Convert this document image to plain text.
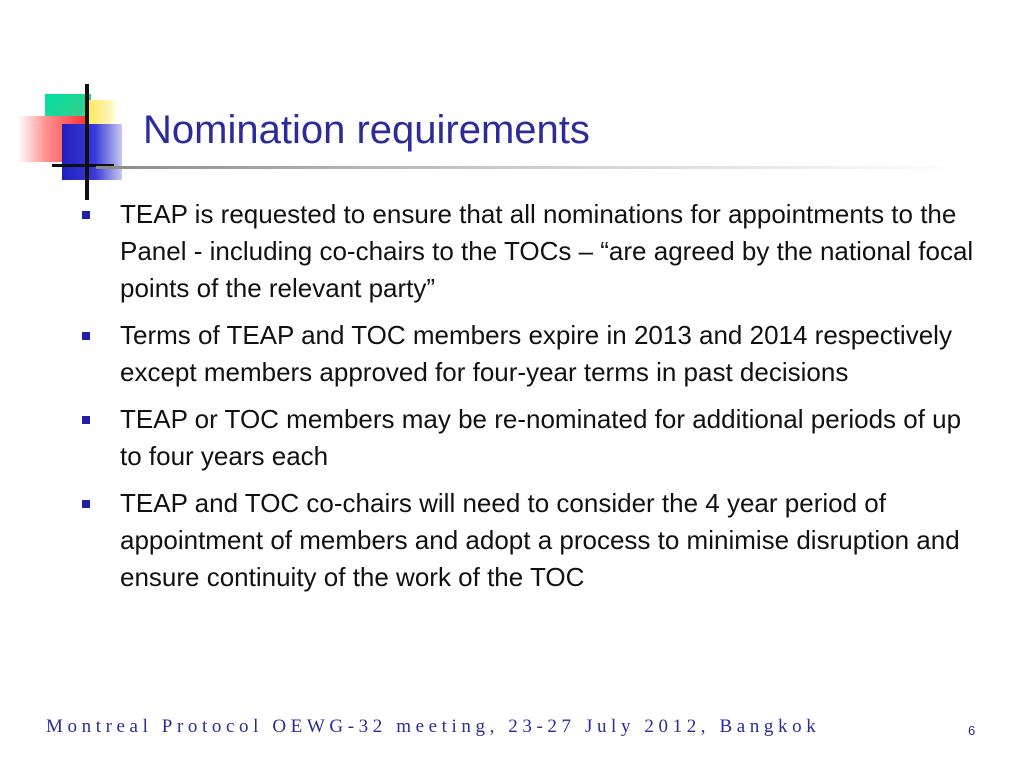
Nomination requirements
TEAP is requested to ensure that all nominations for appointments to the Panel - including co-chairs to the TOCs – “are agreed by the national focal points of the relevant party”
Terms of TEAP and TOC members expire in 2013 and 2014 respectively except members approved for four-year terms in past decisions
TEAP or TOC members may be re-nominated for additional periods of up to four years each
TEAP and TOC co-chairs will need to consider the 4 year period of appointment of members and adopt a process to minimise disruption and ensure continuity of the work of the TOC
Montreal Protocol OEWG-32 meeting, 23-27 July 2012, Bangkok	6
